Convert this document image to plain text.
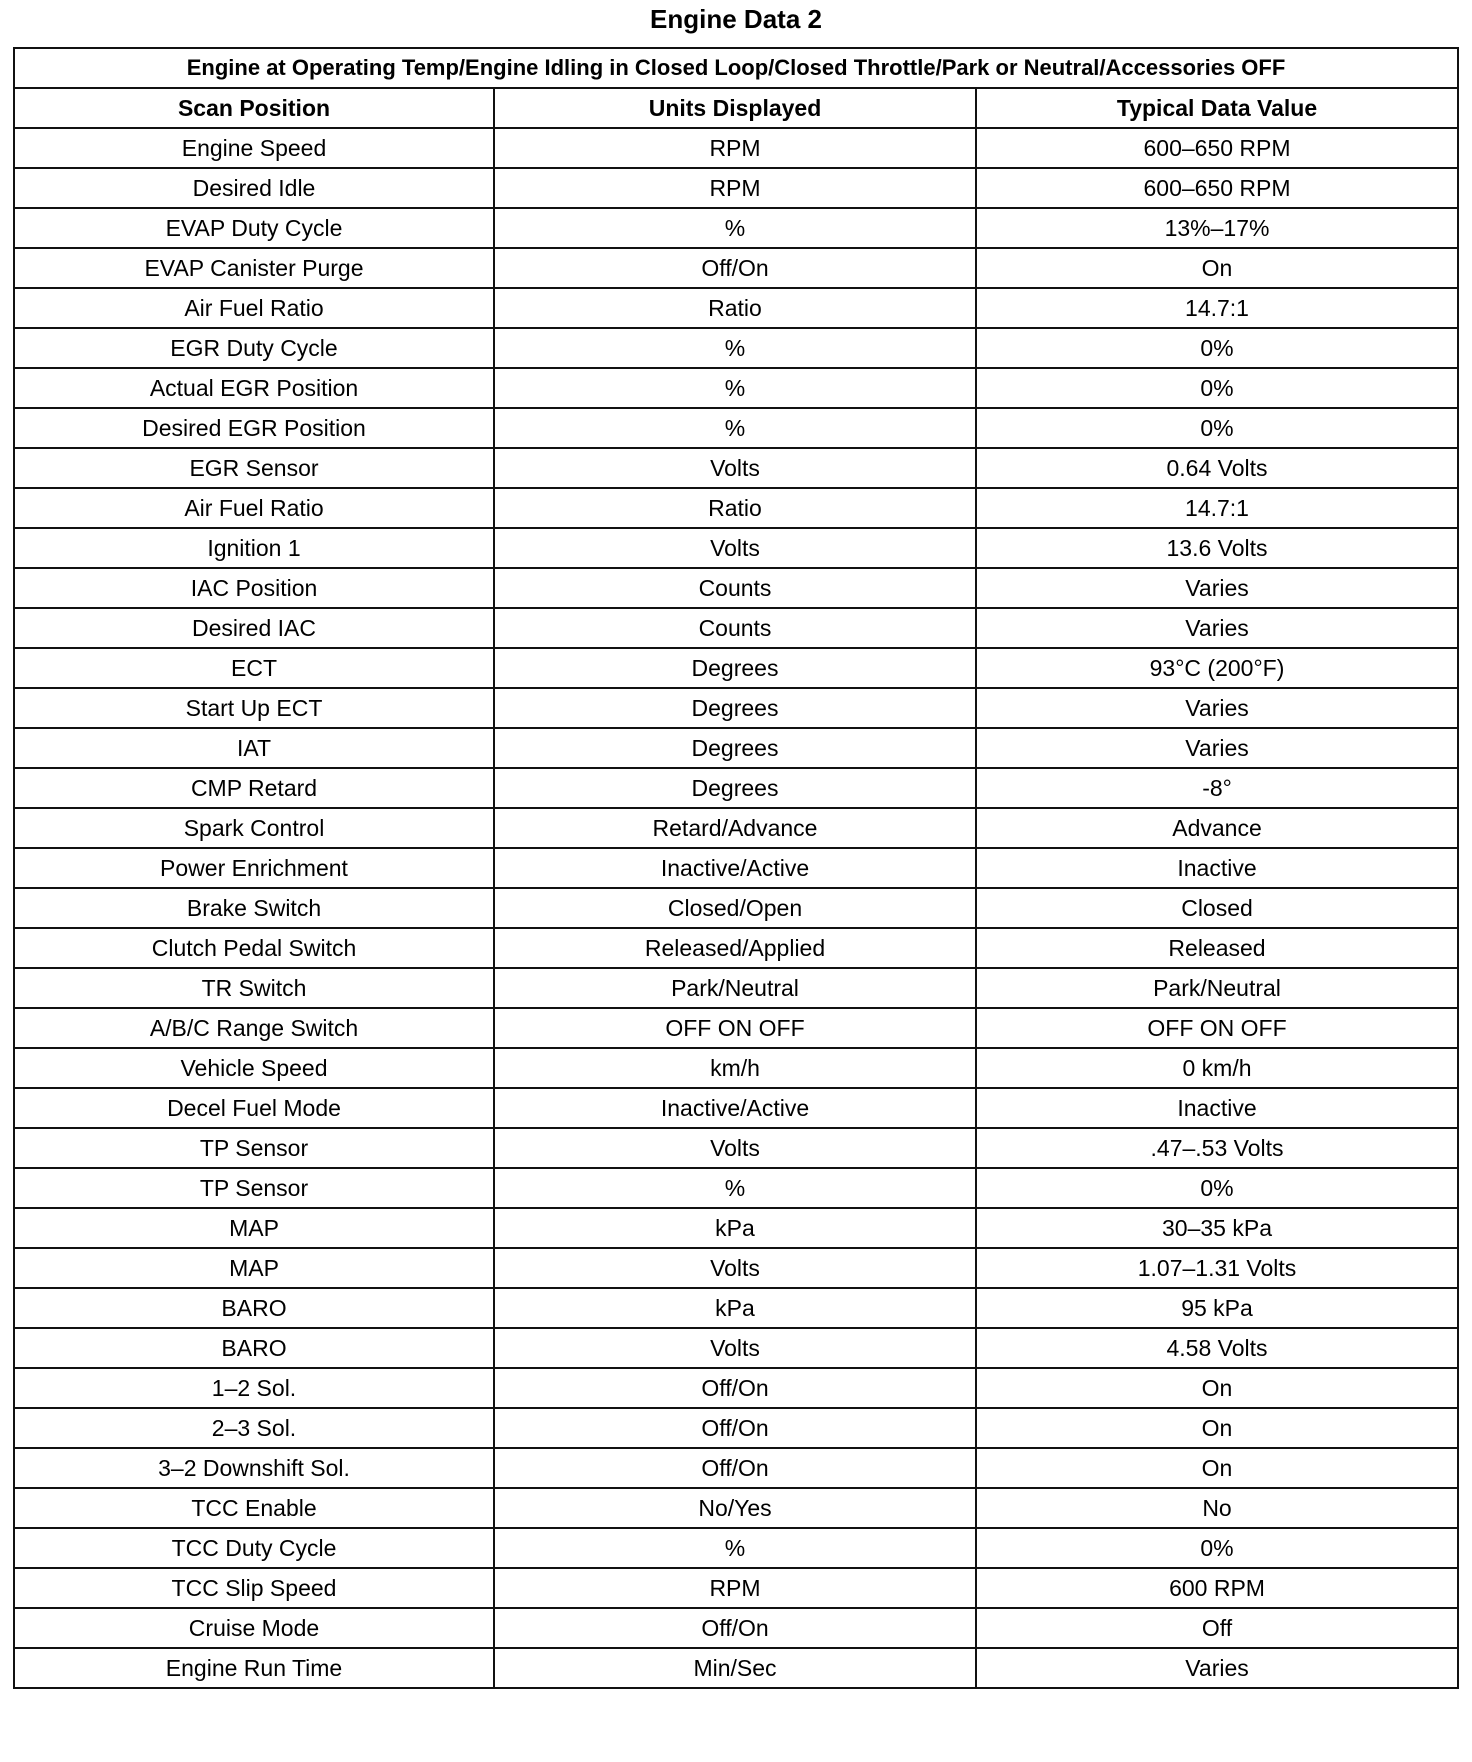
Engine Data 2
Engine at Operating Temp/Engine Idling in Closed Loop/Closed Throttle/Park or Neutral/Accessories OFF		
Scan Position	Units Displayed	Typical Data Value
Engine Speed	RPM	600–650 RPM
Desired Idle	RPM	600–650 RPM
EVAP Duty Cycle	%	13%–17%
EVAP Canister Purge	Off/On	On
Air Fuel Ratio	Ratio	14.7:1
EGR Duty Cycle	%	0%
Actual EGR Position	%	0%
Desired EGR Position	%	0%
EGR Sensor	Volts	0.64 Volts
Air Fuel Ratio	Ratio	14.7:1
Ignition 1	Volts	13.6 Volts
IAC Position	Counts	Varies
Desired IAC	Counts	Varies
ECT	Degrees	93°C (200°F)
Start Up ECT	Degrees	Varies
IAT	Degrees	Varies
CMP Retard	Degrees	-8°
Spark Control	Retard/Advance	Advance
Power Enrichment	Inactive/Active	Inactive
Brake Switch	Closed/Open	Closed
Clutch Pedal Switch	Released/Applied	Released
TR Switch	Park/Neutral	Park/Neutral
A/B/C Range Switch	OFF ON OFF	OFF ON OFF
Vehicle Speed	km/h	0 km/h
Decel Fuel Mode	Inactive/Active	Inactive
TP Sensor	Volts	.47–.53 Volts
TP Sensor	%	0%
MAP	kPa	30–35 kPa
MAP	Volts	1.07–1.31 Volts
BARO	kPa	95 kPa
BARO	Volts	4.58 Volts
1–2 Sol.	Off/On	On
2–3 Sol.	Off/On	On
3–2 Downshift Sol.	Off/On	On
TCC Enable	No/Yes	No
TCC Duty Cycle	%	0%
TCC Slip Speed	RPM	600 RPM
Cruise Mode	Off/On	Off
Engine Run Time	Min/Sec	Varies
